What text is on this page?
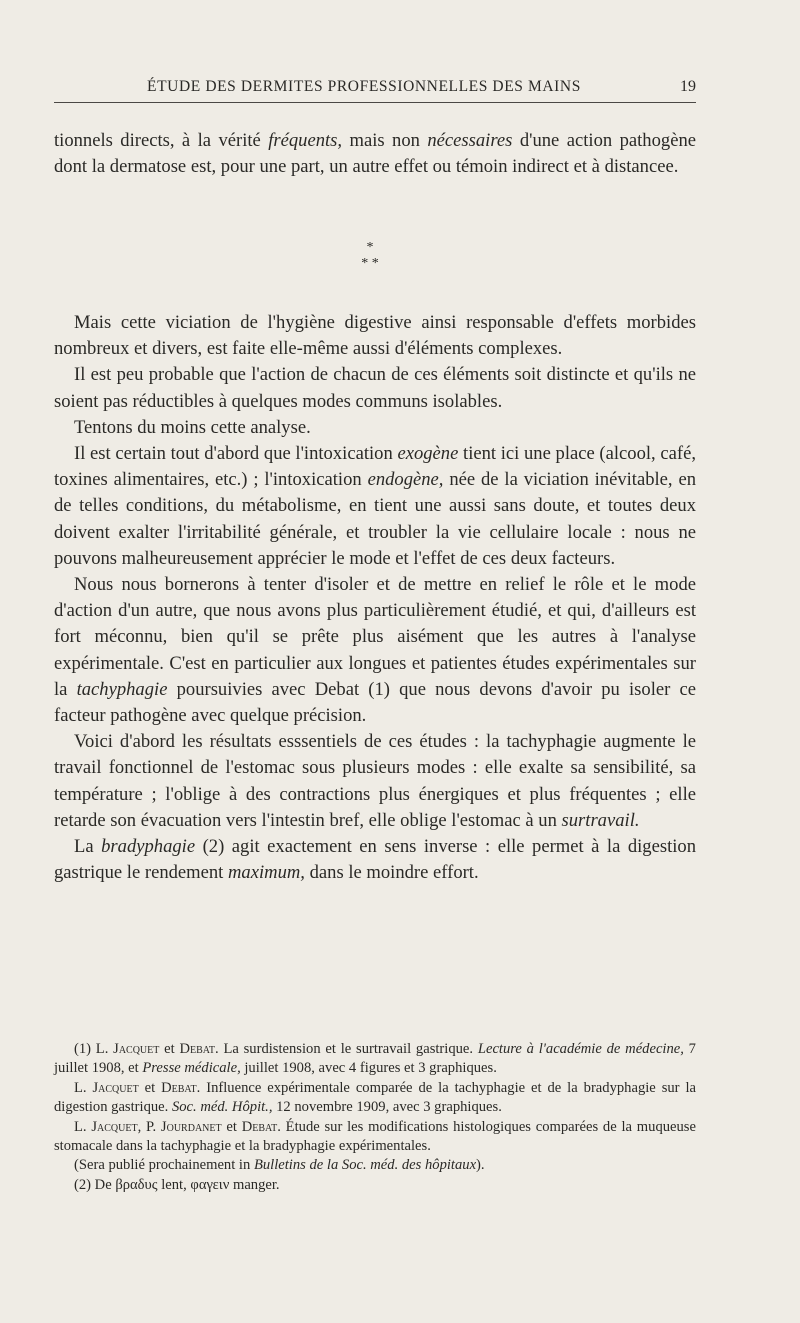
ÉTUDE DES DERMITES PROFESSIONNELLES DES MAINS	19

tionnels directs, à la vérité fréquents, mais non nécessaires d'une action pathogène dont la dermatose est, pour une part, un autre effet ou témoin indirect et à distancee.

*
* *

Mais cette viciation de l'hygiène digestive ainsi responsable d'effets morbides nombreux et divers, est faite elle-même aussi d'éléments complexes.

Il est peu probable que l'action de chacun de ces éléments soit distincte et qu'ils ne soient pas réductibles à quelques modes communs isolables.

Tentons du moins cette analyse.

Il est certain tout d'abord que l'intoxication exogène tient ici une place (alcool, café, toxines alimentaires, etc.) ; l'intoxication endogène, née de la viciation inévitable, en de telles conditions, du métabolisme, en tient une aussi sans doute, et toutes deux doivent exalter l'irritabilité générale, et troubler la vie cellulaire locale : nous ne pouvons malheureusement apprécier le mode et l'effet de ces deux facteurs.

Nous nous bornerons à tenter d'isoler et de mettre en relief le rôle et le mode d'action d'un autre, que nous avons plus particulièrement étudié, et qui, d'ailleurs est fort méconnu, bien qu'il se prête plus aisément que les autres à l'analyse expérimentale. C'est en particulier aux longues et patientes études expérimentales sur la tachyphagie poursuivies avec Debat (1) que nous devons d'avoir pu isoler ce facteur pathogène avec quelque précision.

Voici d'abord les résultats esssentiels de ces études : la tachyphagie augmente le travail fonctionnel de l'estomac sous plusieurs modes : elle exalte sa sensibilité, sa température ; l'oblige à des contractions plus énergiques et plus fréquentes ; elle retarde son évacuation vers l'intestin bref, elle oblige l'estomac à un surtravail.

La bradyphagie (2) agit exactement en sens inverse : elle permet à la digestion gastrique le rendement maximum, dans le moindre effort.

(1) L. Jacquet et Debat. La surdistension et le surtravail gastrique. Lecture à l'académie de médecine, 7 juillet 1908, et Presse médicale, juillet 1908, avec 4 figures et 3 graphiques.

L. Jacquet et Debat. Influence expérimentale comparée de la tachyphagie et de la bradyphagie sur la digestion gastrique. Soc. méd. Hôpit., 12 novembre 1909, avec 3 graphiques.

L. Jacquet, P. Jourdanet et Debat. Étude sur les modifications histologiques comparées de la muqueuse stomacale dans la tachyphagie et la bradyphagie expérimentales.

(Sera publié prochainement in Bulletins de la Soc. méd. des hôpitaux).

(2) De βραδυς lent, φαγειν manger.
